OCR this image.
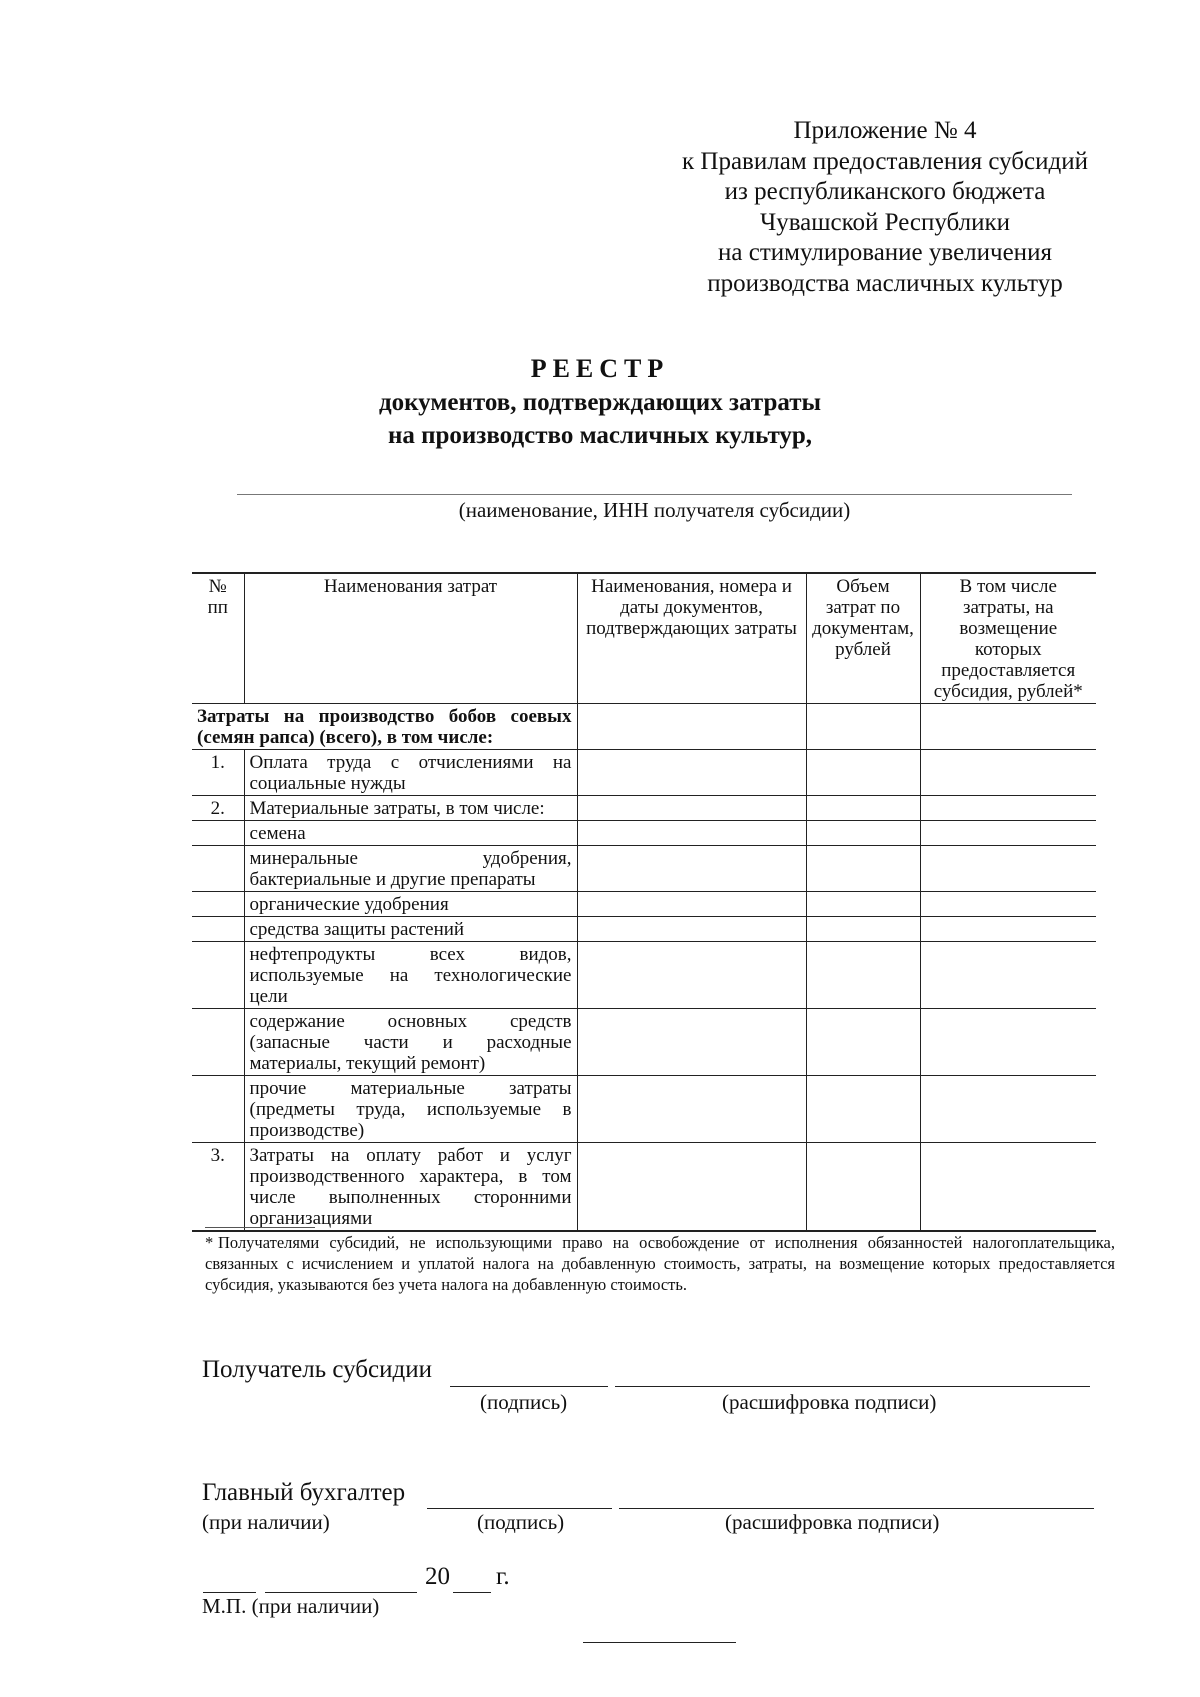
Приложение № 4
к Правилам предоставления субсидий
из республиканского бюджета
Чувашской Республики
на стимулирование увеличения
производства масличных культур
РЕЕСТР
документов, подтверждающих затраты
на производство масличных культур,
(наименование, ИНН получателя субсидии)
№ пп	Наименования затрат	Наименования, номера и даты документов, подтверждающих затраты	Объем затрат по документам, рублей	В том числе затраты, на возмещение которых предоставляется субсидия, рублей*
Затраты на производство бобов соевых (семян рапса) (всего), в том числе:				
1.	Оплата труда с отчислениями на социальные нужды			
2.	Материальные затраты, в том числе:			
	семена			
	минеральные удобрения, бактериальные и другие препараты			
	органические удобрения			
	средства защиты растений			
	нефтепродукты всех видов, используемые на технологические цели			
	содержание основных средств (запасные части и расходные материалы, текущий ремонт)			
	прочие материальные затраты (предметы труда, используемые в производстве)			
3.	Затраты на оплату работ и услуг производственного характера, в том числе выполненных сторонними организациями			
* Получателями субсидий, не использующими право на освобождение от исполнения обязанностей налогоплательщика, связанных с исчислением и уплатой налога на добавленную стоимость, затраты, на возмещение которых предоставляется субсидия, указываются без учета налога на добавленную стоимость.
Получатель субсидии
(подпись)	(расшифровка подписи)
Главный бухгалтер
(при наличии)	(подпись)	(расшифровка подписи)
20 г.
М.П. (при наличии)
